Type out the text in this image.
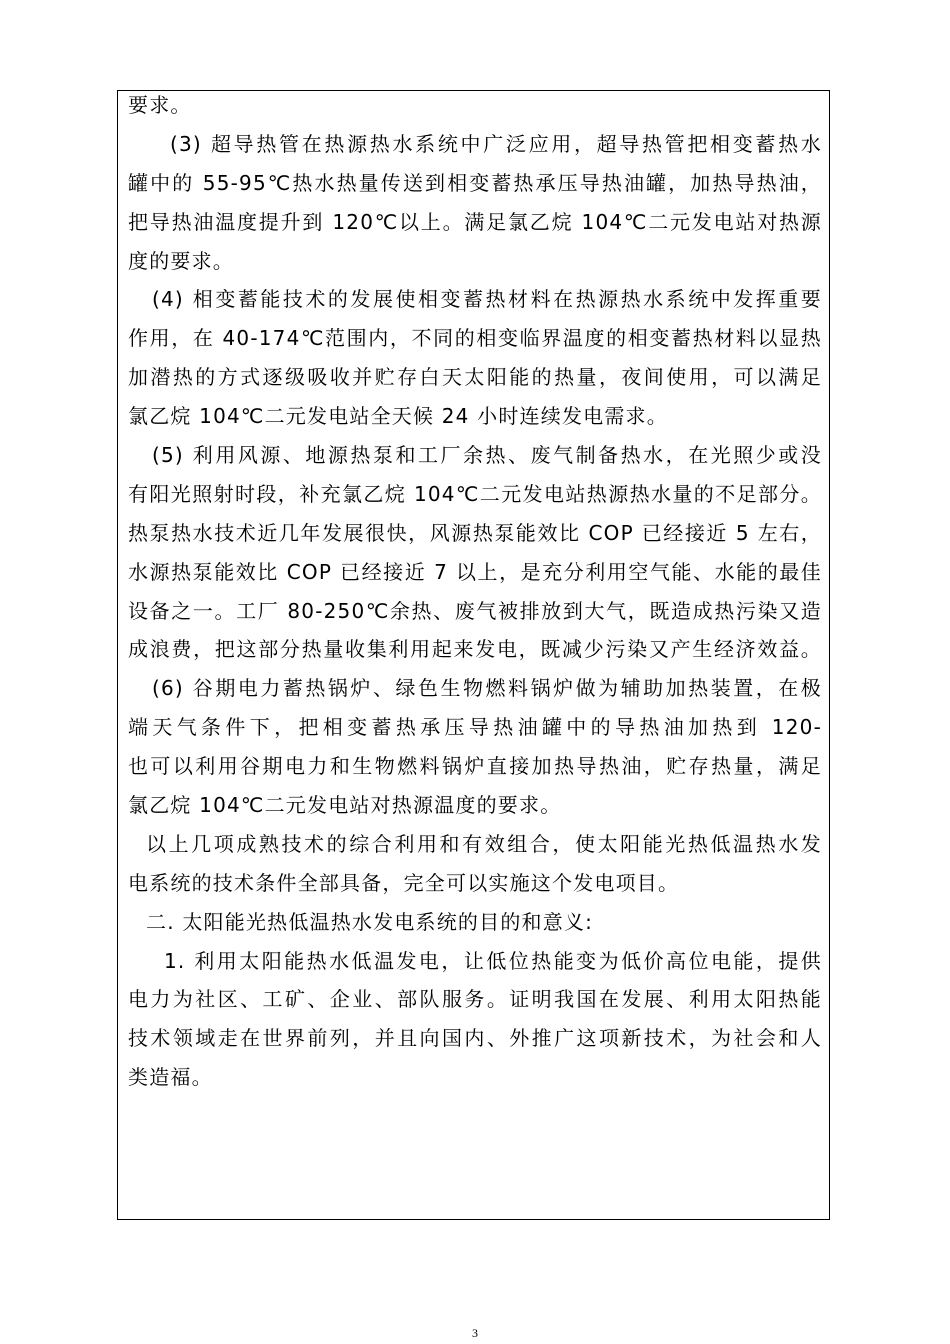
要求。
(3) 超导热管在热源热水系统中广泛应用，超导热管把相变蓄热水
罐中的 55-95℃热水热量传送到相变蓄热承压导热油罐，加热导热油，
把导热油温度提升到 120℃以上。满足氯乙烷 104℃二元发电站对热源
度的要求。
(4) 相变蓄能技术的发展使相变蓄热材料在热源热水系统中发挥重要
作用，在 40-174℃范围内，不同的相变临界温度的相变蓄热材料以显热
加潜热的方式逐级吸收并贮存白天太阳能的热量，夜间使用，可以满足
氯乙烷 104℃二元发电站全天候 24 小时连续发电需求。
(5) 利用风源、地源热泵和工厂余热、废气制备热水，在光照少或没
有阳光照射时段，补充氯乙烷 104℃二元发电站热源热水量的不足部分。
热泵热水技术近几年发展很快，风源热泵能效比 COP 已经接近 5 左右，
水源热泵能效比 COP 已经接近 7 以上，是充分利用空气能、水能的最佳
设备之一。工厂 80-250℃余热、废气被排放到大气，既造成热污染又造
成浪费，把这部分热量收集利用起来发电，既减少污染又产生经济效益。
(6) 谷期电力蓄热锅炉、绿色生物燃料锅炉做为辅助加热装置，在极
端天气条件下，把相变蓄热承压导热油罐中的导热油加热到 120-
也可以利用谷期电力和生物燃料锅炉直接加热导热油，贮存热量，满足
氯乙烷 104℃二元发电站对热源温度的要求。
以上几项成熟技术的综合利用和有效组合，使太阳能光热低温热水发
电系统的技术条件全部具备，完全可以实施这个发电项目。
二. 太阳能光热低温热水发电系统的目的和意义:
1. 利用太阳能热水低温发电，让低位热能变为低价高位电能，提供
电力为社区、工矿、企业、部队服务。证明我国在发展、利用太阳热能
技术领域走在世界前列，并且向国内、外推广这项新技术，为社会和人
类造福。
3
